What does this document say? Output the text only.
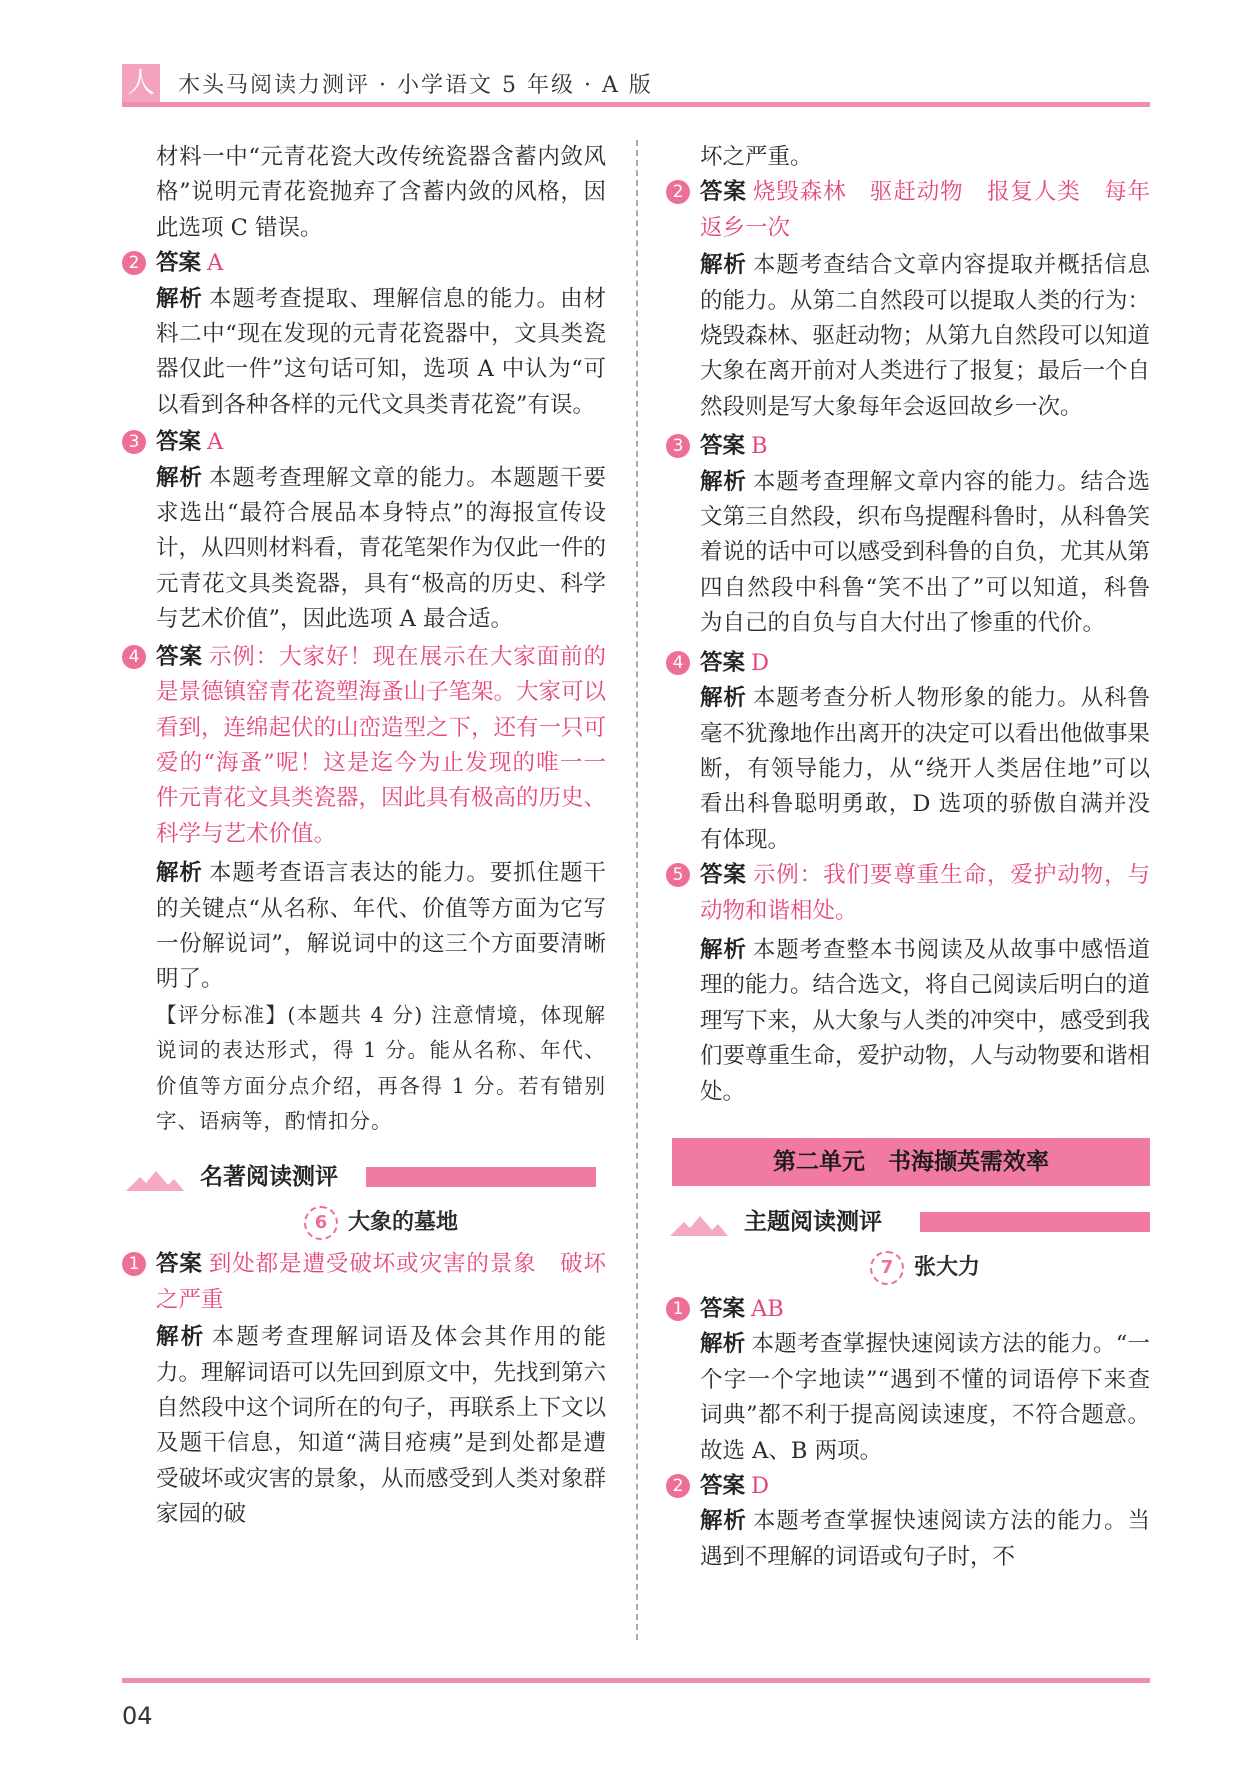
人 木头马阅读力测评 · 小学语文 5 年级 · A 版

材料一中“元青花瓷大改传统瓷器含蓄内敛风格”说明元青花瓷抛弃了含蓄内敛的风格，因此选项 C 错误。

2 答案 A

解析 本题考查提取、理解信息的能力。由材料二中“现在发现的元青花瓷器中，文具类瓷器仅此一件”这句话可知，选项 A 中认为“可以看到各种各样的元代文具类青花瓷”有误。

3 答案 A

解析 本题考查理解文章的能力。本题题干要求选出“最符合展品本身特点”的海报宣传设计，从四则材料看，青花笔架作为仅此一件的元青花文具类瓷器，具有“极高的历史、科学与艺术价值”，因此选项 A 最合适。

4 答案 示例：大家好！现在展示在大家面前的是景德镇窑青花瓷塑海蚤山子笔架。大家可以看到，连绵起伏的山峦造型之下，还有一只可爱的“海蚤”呢！这是迄今为止发现的唯一一件元青花文具类瓷器，因此具有极高的历史、科学与艺术价值。

解析 本题考查语言表达的能力。要抓住题干的关键点“从名称、年代、价值等方面为它写一份解说词”，解说词中的这三个方面要清晰明了。

【评分标准】(本题共 4 分) 注意情境，体现解说词的表达形式，得 1 分。能从名称、年代、价值等方面分点介绍，再各得 1 分。若有错别字、语病等，酌情扣分。

名著阅读测评
6 大象的墓地
1 答案 到处都是遭受破坏或灾害的景象　破坏之严重

解析 本题考查理解词语及体会其作用的能力。理解词语可以先回到原文中，先找到第六自然段中这个词所在的句子，再联系上下文以及题干信息，知道“满目疮痍”是到处都是遭受破坏或灾害的景象，从而感受到人类对象群家园的破

坏之严重。

2 答案 烧毁森林　驱赶动物　报复人类　每年返乡一次

解析 本题考查结合文章内容提取并概括信息的能力。从第二自然段可以提取人类的行为：烧毁森林、驱赶动物；从第九自然段可以知道大象在离开前对人类进行了报复；最后一个自然段则是写大象每年会返回故乡一次。

3 答案 B

解析 本题考查理解文章内容的能力。结合选文第三自然段，织布鸟提醒科鲁时，从科鲁笑着说的话中可以感受到科鲁的自负，尤其从第四自然段中科鲁“笑不出了”可以知道，科鲁为自己的自负与自大付出了惨重的代价。

4 答案 D

解析 本题考查分析人物形象的能力。从科鲁毫不犹豫地作出离开的决定可以看出他做事果断，有领导能力，从“绕开人类居住地”可以看出科鲁聪明勇敢，D 选项的骄傲自满并没有体现。

5 答案 示例：我们要尊重生命，爱护动物，与动物和谐相处。

解析 本题考查整本书阅读及从故事中感悟道理的能力。结合选文，将自己阅读后明白的道理写下来，从大象与人类的冲突中，感受到我们要尊重生命，爱护动物，人与动物要和谐相处。

第二单元　书海撷英需效率
主题阅读测评
7 张大力
1 答案 AB

解析 本题考查掌握快速阅读方法的能力。“一个字一个字地读”“遇到不懂的词语停下来查词典”都不利于提高阅读速度，不符合题意。故选 A、B 两项。

2 答案 D

解析 本题考查掌握快速阅读方法的能力。当遇到不理解的词语或句子时，不

04
